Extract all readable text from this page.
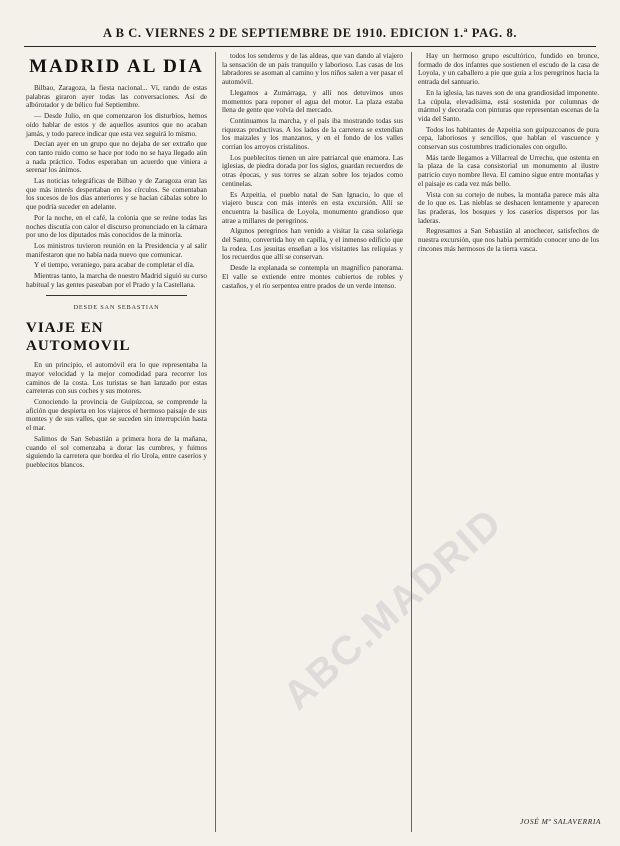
A B C. VIERNES 2 DE SEPTIEMBRE DE 1910. EDICION 1.ª PAG. 8.
MADRID AL DIA

Bilbao, Zaragoza, la fiesta nacional... Ví, rando de estas palabras giraron ayer todas las conversaciones. Así de albórotador y de bélico fué Septiembre.

— Desde Julio, en que comenzaron los disturbios, hemos oído hablar de estos y de aquellos asuntos que no acaban jamás, y todo parece indicar que esta vez seguirá lo mismo.

Decían ayer en un grupo que no dejaba de ser extraño que con tanto ruido como se hace por todo no se haya llegado aún a nada práctico. Todos esperaban un acuerdo que viniera a serenar los ánimos.

Las noticias telegráficas de Bilbao y de Zaragoza eran las que más interés despertaban en los círculos. Se comentaban los sucesos de los días anteriores y se hacían cábalas sobre lo que podría suceder en adelante.

Por la noche, en el café, la colonia que se reúne todas las noches discutía con calor el discurso pronunciado en la cámara por uno de los diputados más conocidos de la minoría.

Los ministros tuvieron reunión en la Presidencia y al salir manifestaron que no había nada nuevo que comunicar.

Y el tiempo, veraniego, para acabar de completar el día.

Mientras tanto, la marcha de nuestro Madrid siguió su curso habitual y las gentes paseaban por el Prado y la Castellana.

DESDE SAN SEBASTIAN
VIAJE EN AUTOMOVIL

En un principio, el automóvil era lo que representaba la mayor velocidad y la mejor comodidad para recorrer los caminos de la costa. Los turistas se han lanzado por estas carreteras con sus coches y sus motores.

Conociendo la provincia de Guipúzcoa, se comprende la afición que despierta en los viajeros el hermoso paisaje de sus montes y de sus valles, que se suceden sin interrupción hasta el mar.

Salimos de San Sebastián a primera hora de la mañana, cuando el sol comenzaba a dorar las cumbres, y fuimos siguiendo la carretera que bordea el río Urola, entre caseríos y pueblecitos blancos.

todos los senderos y de las aldeas, que van dando al viajero la sensación de un país tranquilo y laborioso. Las casas de los labradores se asoman al camino y los niños salen a ver pasar el automóvil.

Llegamos a Zumárraga, y allí nos detuvimos unos momentos para reponer el agua del motor. La plaza estaba llena de gente que volvía del mercado.

Continuamos la marcha, y el país iba mostrando todas sus riquezas productivas. A los lados de la carretera se extendían los maizales y los manzanos, y en el fondo de los valles corrían los arroyos cristalinos.

Los pueblecitos tienen un aire patriarcal que enamora. Las iglesias, de piedra dorada por los siglos, guardan recuerdos de otras épocas, y sus torres se alzan sobre los tejados como centinelas.

Es Azpeitia, el pueblo natal de San Ignacio, lo que el viajero busca con más interés en esta excursión. Allí se encuentra la basílica de Loyola, monumento grandioso que atrae a millares de peregrinos.

Algunos peregrinos han venido a visitar la casa solariega del Santo, convertida hoy en capilla, y el inmenso edificio que la rodea. Los jesuitas enseñan a los visitantes las reliquias y los recuerdos que allí se conservan.

Desde la explanada se contempla un magnífico panorama. El valle se extiende entre montes cubiertos de robles y castaños, y el río serpentea entre prados de un verde intenso.

Hay un hermoso grupo escultórico, fundido en bronce, formado de dos infantes que sostienen el escudo de la casa de Loyola, y un caballero a pie que guía a los peregrinos hacia la entrada del santuario.

En la iglesia, las naves son de una grandiosidad imponente. La cúpula, elevadísima, está sostenida por columnas de mármol y decorada con pinturas que representan escenas de la vida del Santo.

Todos los habitantes de Azpeitia son guipuzcoanos de pura cepa, laboriosos y sencillos, que hablan el vascuence y conservan sus costumbres tradicionales con orgullo.

Más tarde llegamos a Villarreal de Urrechu, que ostenta en la plaza de la casa consistorial un monumento al ilustre patricio cuyo nombre lleva. El camino sigue entre montañas y el paisaje es cada vez más bello.

Vista con su cortejo de nubes, la montaña parece más alta de lo que es. Las nieblas se deshacen lentamente y aparecen las praderas, los bosques y los caseríos dispersos por las laderas.

Regresamos a San Sebastián al anochecer, satisfechos de nuestra excursión, que nos había permitido conocer uno de los rincones más hermosos de la tierra vasca.

JOSÉ Mª SALAVERRIA
ABC.MADRID
